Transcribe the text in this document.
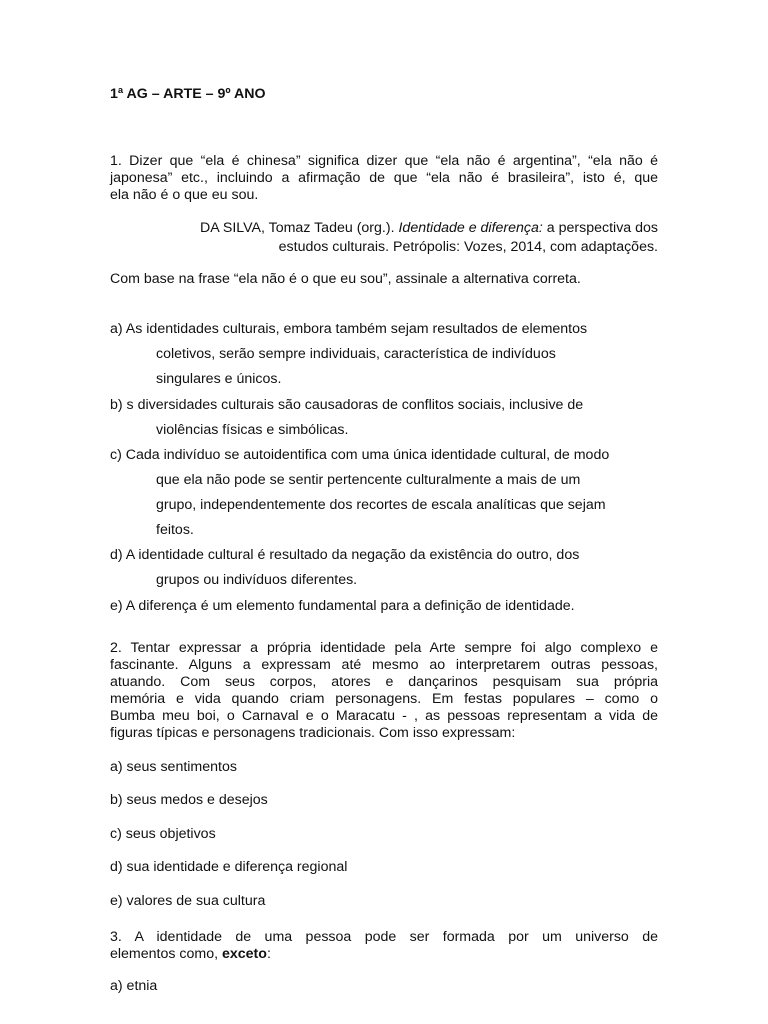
1ª AG – ARTE – 9º ANO
1. Dizer que “ela é chinesa” significa dizer que “ela não é argentina”, “ela não é
japonesa” etc., incluindo a afirmação de que “ela não é brasileira”, isto é, que
ela não é o que eu sou.
DA SILVA, Tomaz Tadeu (org.). Identidade e diferença: a perspectiva dos
estudos culturais. Petrópolis: Vozes, 2014, com adaptações.
Com base na frase “ela não é o que eu sou”, assinale a alternativa correta.
a) As identidades culturais, embora também sejam resultados de elementos
coletivos, serão sempre individuais, característica de indivíduos
singulares e únicos.
b) s diversidades culturais são causadoras de conflitos sociais, inclusive de
violências físicas e simbólicas.
c) Cada indivíduo se autoidentifica com uma única identidade cultural, de modo
que ela não pode se sentir pertencente culturalmente a mais de um
grupo, independentemente dos recortes de escala analíticas que sejam
feitos.
d) A identidade cultural é resultado da negação da existência do outro, dos
grupos ou indivíduos diferentes.
e) A diferença é um elemento fundamental para a definição de identidade.
2. Tentar expressar a própria identidade pela Arte sempre foi algo complexo e
fascinante. Alguns a expressam até mesmo ao interpretarem outras pessoas,
atuando. Com seus corpos, atores e dançarinos pesquisam sua própria
memória e vida quando criam personagens. Em festas populares – como o
Bumba meu boi, o Carnaval e o Maracatu - , as pessoas representam a vida de
figuras típicas e personagens tradicionais. Com isso expressam:
a) seus sentimentos
b) seus medos e desejos
c) seus objetivos
d) sua identidade e diferença regional
e) valores de sua cultura
3. A identidade de uma pessoa pode ser formada por um universo de
elementos como, exceto:
a) etnia
